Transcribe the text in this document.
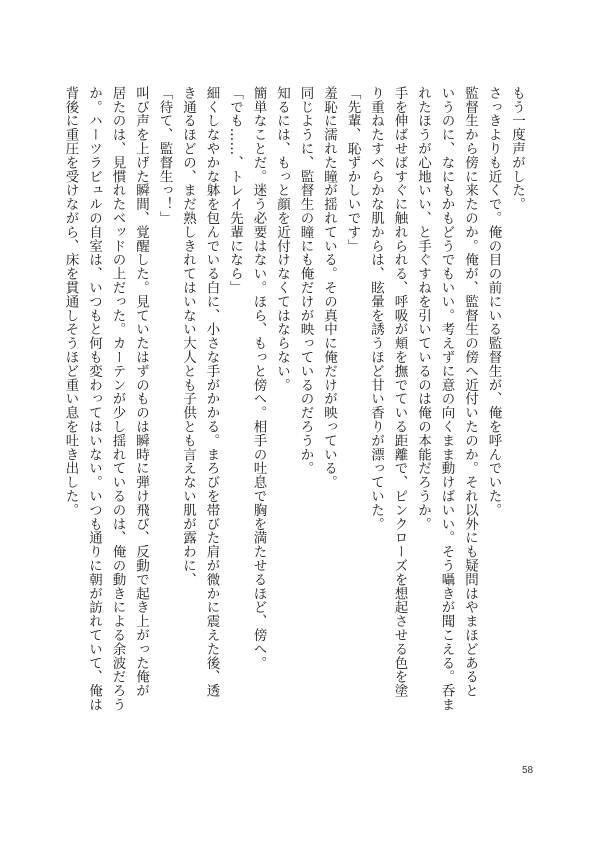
もう一度声がした。
さっきよりも近くで。俺の目の前にいる監督生が、俺を呼んでいた。
監督生から傍に来たのか。俺が、監督生の傍へ近付いたのか。それ以外にも疑問はやまほどあると
いうのに、なにもかもどうでもいい。考えずに意の向くまま動けばいい。そう囁きが聞こえる。呑ま
れたほうが心地いい、と手ぐすねを引いているのは俺の本能だろうか。
手を伸ばせばすぐに触れられる、呼吸が頬を撫でている距離で、ピンクローズを想起させる色を塗
り重ねたすべらかな肌からは、眩暈を誘うほど甘い香りが漂っていた。
「先輩、恥ずかしいです」
羞恥に濡れた瞳が揺れている。その真中に俺だけが映っている。
同じように、監督生の瞳にも俺だけが映っているのだろうか。
知るには、もっと顔を近付けなくてはならない。
簡単なことだ。迷う必要はない。ほら、もっと傍へ。相手の吐息で胸を満たせるほど、傍へ。
「でも……、トレイ先輩になら」
細くしなやかな躰を包んでいる白に、小さな手がかかる。まろびを帯びた肩が微かに震えた後、透
き通るほどの、まだ熟しきれてはいない大人とも子供とも言えない肌が露わに、
「待て、監督生っ！」
叫び声を上げた瞬間、覚醒した。見ていたはずのものは瞬時に弾け飛び、反動で起き上がった俺が
居たのは、見慣れたベッドの上だった。カーテンが少し揺れているのは、俺の動きによる余波だろう
か。ハーツラビュルの自室は、いつもと何も変わってはいない。いつも通りに朝が訪れていて、俺は
背後に重圧を受けながら、床を貫通しそうほど重い息を吐き出した。
58
